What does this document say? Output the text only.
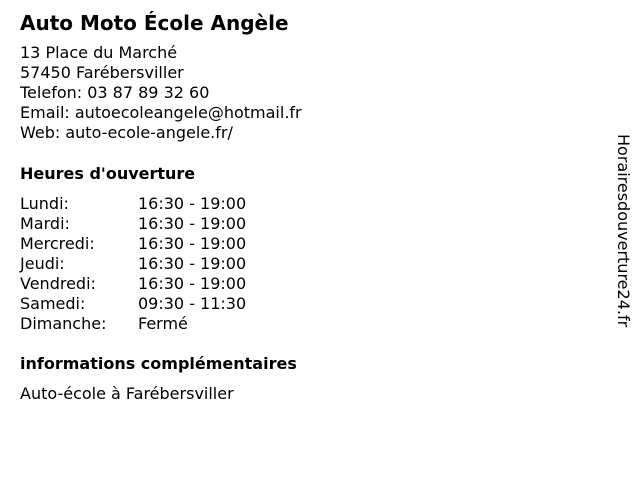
Auto Moto École Angèle
13 Place du Marché
57450 Farébersviller
Telefon: 03 87 89 32 60
Email: autoecoleangele@hotmail.fr
Web: auto-ecole-angele.fr/
Heures d'ouverture
Lundi:	16:30 - 19:00
Mardi:	16:30 - 19:00
Mercredi:	16:30 - 19:00
Jeudi:	16:30 - 19:00
Vendredi:	16:30 - 19:00
Samedi:	09:30 - 11:30
Dimanche:	Fermé
informations complémentaires
Auto-école à Farébersviller
Horairesdouverture24.fr
